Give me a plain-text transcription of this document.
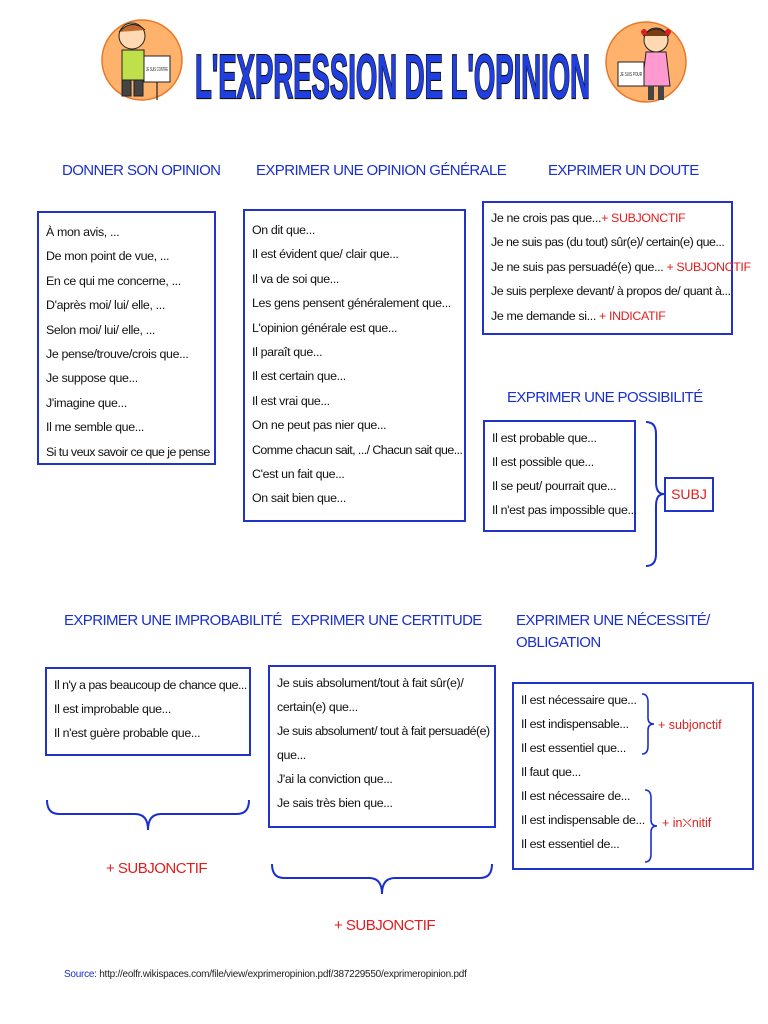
L'EXPRESSION DE L'OPINION
JE SUIS CONTRE
JE SUIS POUR
DONNER SON OPINION EXPRIMER UNE OPINION GÉNÉRALE	EXPRIMER UN DOUTE
À mon avis, ...
De mon point de vue, ...
En ce qui me concerne, ...
D'après moi/ lui/ elle, ...
Selon moi/ lui/ elle, ...
Je pense/trouve/crois que...
Je suppose que...
J'imagine que...
Il me semble que...
Si tu veux savoir ce que je pense
On dit que...
Il est évident que/ clair que...
Il va de soi que...
Les gens pensent généralement que...
L'opinion générale est que...
Il paraît que...
Il est certain que...
Il est vrai que...
On ne peut pas nier que...
Comme chacun sait, .../ Chacun sait que...
C'est un fait que...
On sait bien que...
Je ne crois pas que...+ SUBJONCTIF
Je ne suis pas (du tout) sûr(e)/ certain(e) que...
Je ne suis pas persuadé(e) que... + SUBJONCTIF
Je suis perplexe devant/ à propos de/ quant à...
Je me demande si... + INDICATIF
EXPRIMER UNE POSSIBILITÉ
Il est probable que...
Il est possible que...
Il se peut/ pourrait que...
Il n'est pas impossible que...
SUBJ
EXPRIMER UNE IMPROBABILITÉ EXPRIMER UNE CERTITUDE EXPRIMER UNE NÉCESSITÉ/ OBLIGATION
Il n'y a pas beaucoup de chance que...
Il est improbable que...
Il n'est guère probable que...
+ SUBJONCTIF
Je suis absolument/tout à fait sûr(e)/
certain(e) que...
Je suis absolument/ tout à fait persuadé(e)
que...
J'ai la conviction que...
Je sais très bien que...
+ SUBJONCTIF
Il est nécessaire que...
Il est indispensable...
Il est essentiel que...
Il faut que...
Il est nécessaire de...
Il est indispensable de...
Il est essentiel de...
+ subjonctif
+ in⛌nitif
Source: http://eolfr.wikispaces.com/file/view/exprimeropinion.pdf/387229550/exprimeropinion.pdf
